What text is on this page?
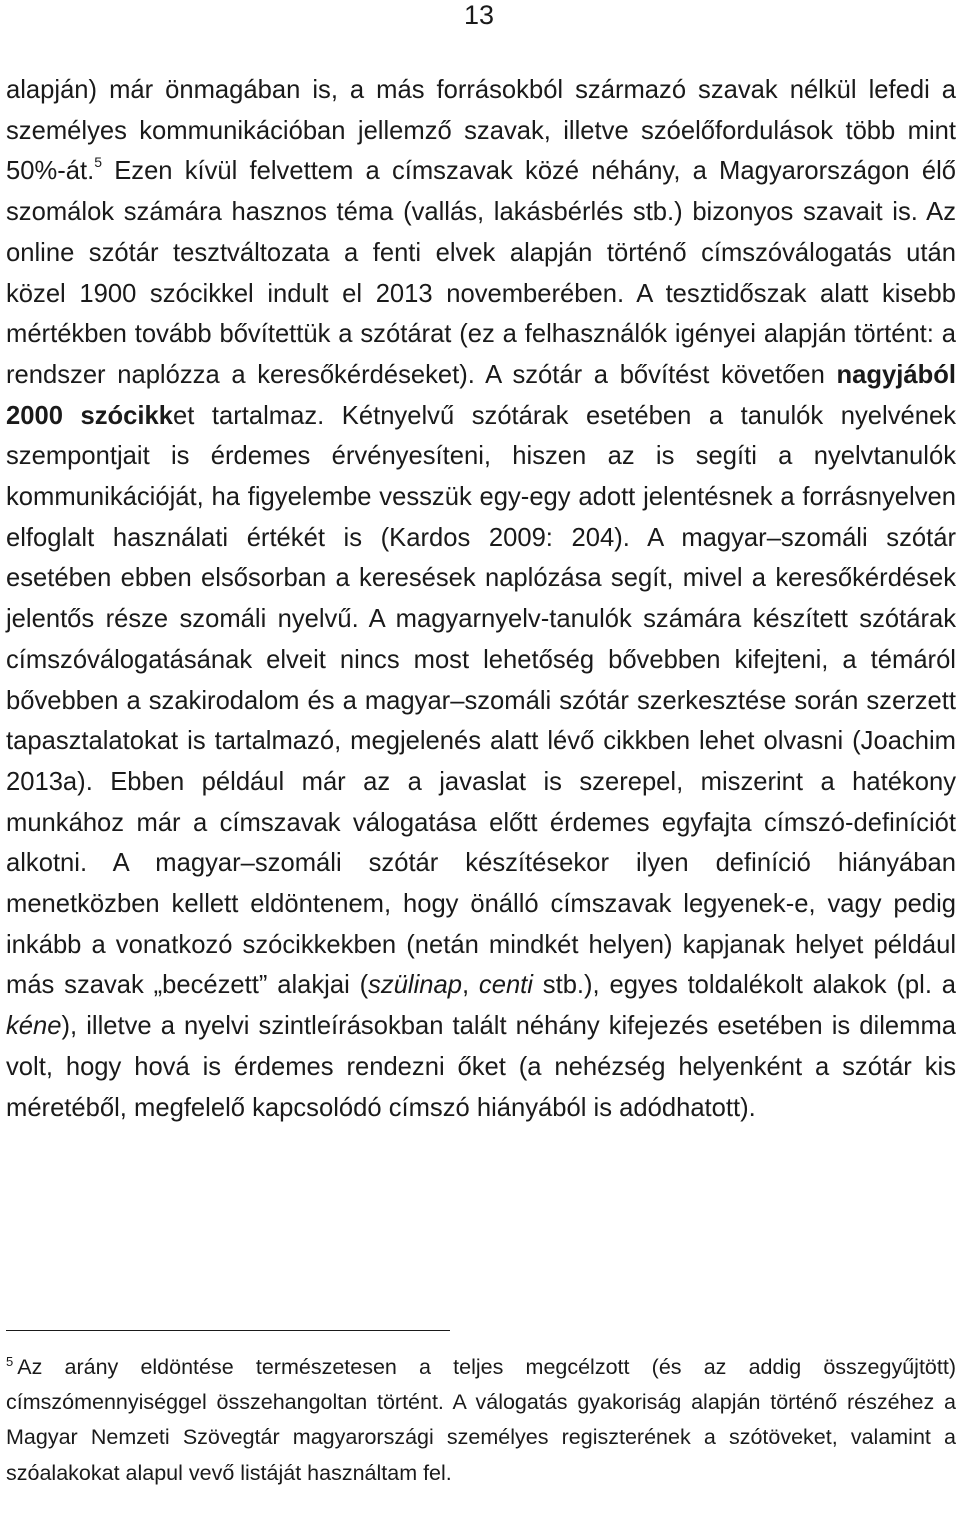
13

alapján) már önmagában is, a más forrásokból származó szavak nélkül lefedi a személyes kommunikációban jellemző szavak, illetve szóelőfordulások több mint 50%-át.$^5$ Ezen kívül felvettem a címszavak közé néhány, a Magyarországon élő szomálok számára hasznos téma (vallás, lakásbérlés stb.) bizonyos szavait is. Az online szótár tesztváltozata a fenti elvek alapján történő címszóválogatás után közel 1900 szócikkel indult el 2013 novemberében. A tesztidőszak alatt kisebb mértékben tovább bővítettük a szótárat (ez a felhasználók igényei alapján történt: a rendszer naplózza a keresőkérdéseket). A szótár a bővítést követően nagyjából 2000 szócikket tartalmaz. Kétnyelvű szótárak esetében a tanulók nyelvének szempontjait is érdemes érvényesíteni, hiszen az is segíti a nyelvtanulók kommunikációját, ha figyelembe vesszük egy-egy adott jelentésnek a forrásnyelven elfoglalt használati értékét is (Kardos 2009: 204). A magyar–szomáli szótár esetében ebben elsősorban a keresések naplózása segít, mivel a keresőkérdések jelentős része szomáli nyelvű. A magyarnyelv-tanulók számára készített szótárak címszóválogatásának elveit nincs most lehetőség bővebben kifejteni, a témáról bővebben a szakirodalom és a magyar–szomáli szótár szerkesztése során szerzett tapasztalatokat is tartalmazó, megjelenés alatt lévő cikkben lehet olvasni (Joachim 2013a). Ebben például már az a javaslat is szerepel, miszerint a hatékony munkához már a címszavak válogatása előtt érdemes egyfajta címszó-definíciót alkotni. A magyar–szomáli szótár készítésekor ilyen definíció hiányában menetközben kellett eldöntenem, hogy önálló címszavak legyenek-e, vagy pedig inkább a vonatkozó szócikkekben (netán mindkét helyen) kapjanak helyet például más szavak „becézett” alakjai (szülinap, centi stb.), egyes toldalékolt alakok (pl. a kéne), illetve a nyelvi szintleírásokban talált néhány kifejezés esetében is dilemma volt, hogy hová is érdemes rendezni őket (a nehézség helyenként a szótár kis méretéből, megfelelő kapcsolódó címszó hiányából is adódhatott).

$^5$ Az arány eldöntése természetesen a teljes megcélzott (és az addig összegyűjtött) címszómennyiséggel összehangoltan történt. A válogatás gyakoriság alapján történő részéhez a Magyar Nemzeti Szövegtár magyarországi személyes regiszterének a szótöveket, valamint a szóalakokat alapul vevő listáját használtam fel.
